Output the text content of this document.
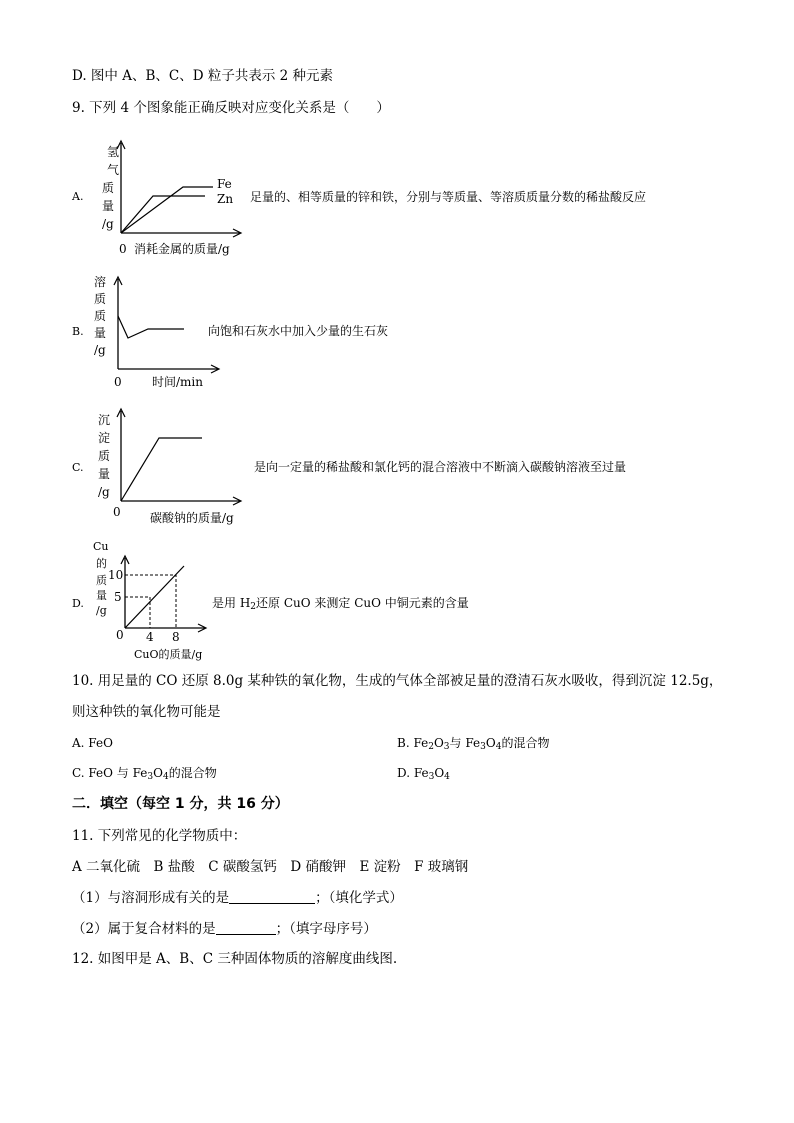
D. 图中 A、B、C、D 粒子共表示 2 种元素
9. 下列 4 个图象能正确反映对应变化关系是（　　）
A.
氢
气
质
量
/g
Fe
Zn
0 消耗金属的质量/g
足量的、相等质量的锌和铁，分别与等质量、等溶质质量分数的稀盐酸反应
B.
溶
质
质
量
/g
0	时间/min
向饱和石灰水中加入少量的生石灰
C.
沉
淀
质
量
/g
0 碳酸钠的质量/g
是向一定量的稀盐酸和氯化钙的混合溶液中不断滴入碳酸钠溶液至过量
D.
Cu
的
质
量
/g
10
5
0 4 8
CuO的质量/g
是用 $H_2$还原 CuO 来测定 CuO 中铜元素的含量
10. 用足量的 CO 还原 8.0g 某种铁的氧化物，生成的气体全部被足量的澄清石灰水吸收，得到沉淀 12.5g，
则这种铁的氧化物可能是
A. FeO	B. $Fe_2O_3$与 $Fe_3O_4$的混合物
C. FeO 与 $Fe_3O_4$的混合物	D. $Fe_3O_4$
二．填空（每空 1 分，共 16 分）
11. 下列常见的化学物质中：
A 二氧化硫　B 盐酸　C 碳酸氢钙　D 硝酸钾　E 淀粉　F 玻璃钢
（1）与溶洞形成有关的是	；（填化学式）
（2）属于复合材料的是	；（填字母序号）
12. 如图甲是 A、B、C 三种固体物质的溶解度曲线图.
